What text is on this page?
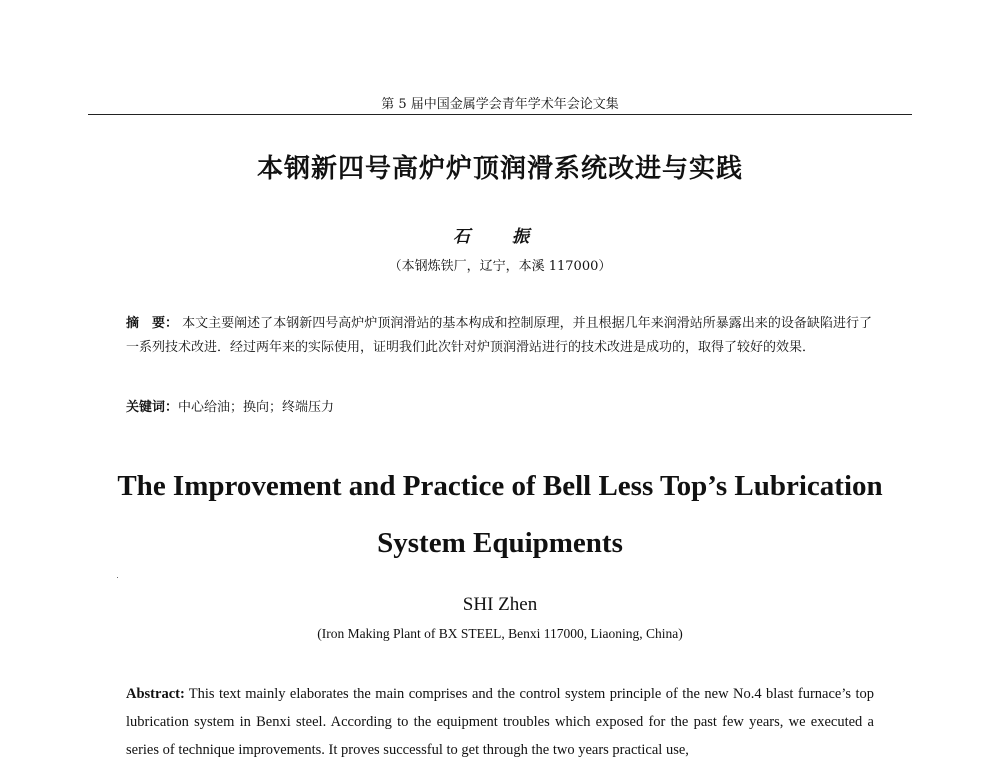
第 5 届中国金属学会青年学术年会论文集
本钢新四号高炉炉顶润滑系统改进与实践
石 振
（本钢炼铁厂，辽宁，本溪 117000）
摘　要： 本文主要阐述了本钢新四号高炉炉顶润滑站的基本构成和控制原理，并且根据几年来润滑站所暴露出来的设备缺陷进行了一系列技术改进．经过两年来的实际使用，证明我们此次针对炉顶润滑站进行的技术改进是成功的，取得了较好的效果．
关键词：中心给油；换向；终端压力
The Improvement and Practice of Bell Less Top’s Lubrication
System Equipments
SHI Zhen
(Iron Making Plant of BX STEEL, Benxi 117000, Liaoning, China)
Abstract: This text mainly elaborates the main comprises and the control system principle of the new No.4 blast furnace’s top lubrication system in Benxi steel. According to the equipment troubles which exposed for the past few years, we executed a series of technique improvements. It proves successful to get through the two years practical use,
